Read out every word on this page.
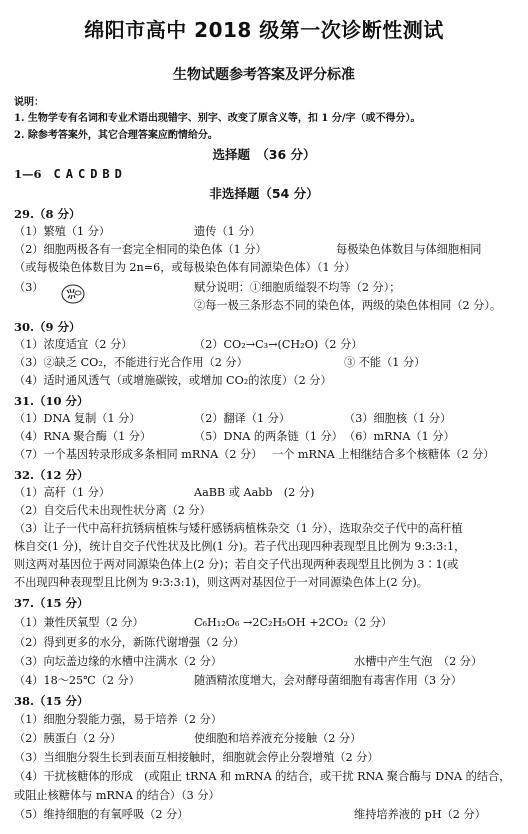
绵阳市高中 2018 级第一次诊断性测试
生物试题参考答案及评分标准
说明：
1. 生物学专有名词和专业术语出现错字、别字、改变了原含义等，扣 1 分/字（或不得分）。
2. 除参考答案外，其它合理答案应酌情给分。
选择题　（36 分）
1—6 CACDBD
非选择题（54 分）
29.（8 分）
（1）繁殖（1 分）	遗传（1 分）
（2）细胞两极各有一套完全相同的染色体（1 分）	每极染色体数目与体细胞相同
（或每极染色体数目为 2n=6，或每极染色体有同源染色体）（1 分）
（3）	赋分说明：①细胞质缢裂不均等（2 分）；
②每一极三条形态不同的染色体，两级的染色体相同（2 分）。
30.（9 分）
（1）浓度适宜（2 分）	（2）CO₂→C₃→(CH₂O)（2 分）
（3）②缺乏 CO₂，不能进行光合作用（2 分）	③ 不能（1 分）
（4）适时通风透气（或增施碳铵，或增加 CO₂的浓度）（2 分）
31.（10 分）
（1）DNA 复制（1 分）	（2）翻译（1 分）	（3）细胞核（1 分）
（4）RNA 聚合酶（1 分）	（5）DNA 的两条链（1 分） （6）mRNA（1 分）
（7）一个基因转录形成多条相同 mRNA（2 分） 一个 mRNA 上相继结合多个核糖体（2 分）
32.（12 分）
（1）高秆（1 分）	AaBB 或 Aabb　(2 分)
（2）自交后代未出现性状分离（2 分）
（3）让子一代中高秆抗锈病植株与矮秆感锈病植株杂交（1 分），选取杂交子代中的高秆植
株自交(1 分)，统计自交子代性状及比例(1 分)。若子代出现四种表现型且比例为 9:3:3:1，
则这两对基因位于两对同源染色体上(2 分)；若自交子代出现两种表现型且比例为 3∶1(或
不出现四种表现型且比例为 9:3:3:1)，则这两对基因位于一对同源染色体上(2 分)。
37.（15 分）
（1）兼性厌氧型（2 分）	C₆H₁₂O₆ →2C₂H₅OH +2CO₂（2 分）
（2）得到更多的水分，新陈代谢增强（2 分）
（3）向坛盖边缘的水槽中注满水（2 分）	水槽中产生气泡　（2 分）
（4）18～25℃（2 分）	随酒精浓度增大，会对酵母菌细胞有毒害作用（3 分）
38.（15 分）
（1）细胞分裂能力强，易于培养（2 分）
（2）胰蛋白（2 分）	使细胞和培养液充分接触（2 分）
（3）当细胞分裂生长到表面互相接触时，细胞就会停止分裂增殖（2 分）
（4）干扰核糖体的形成　(或阻止 tRNA 和 mRNA 的结合，或干扰 RNA 聚合酶与 DNA 的结合，
或阻止核糖体与 mRNA 的结合）（3 分）
（5）维持细胞的有氧呼吸（2 分）	维持培养液的 pH（2 分）
